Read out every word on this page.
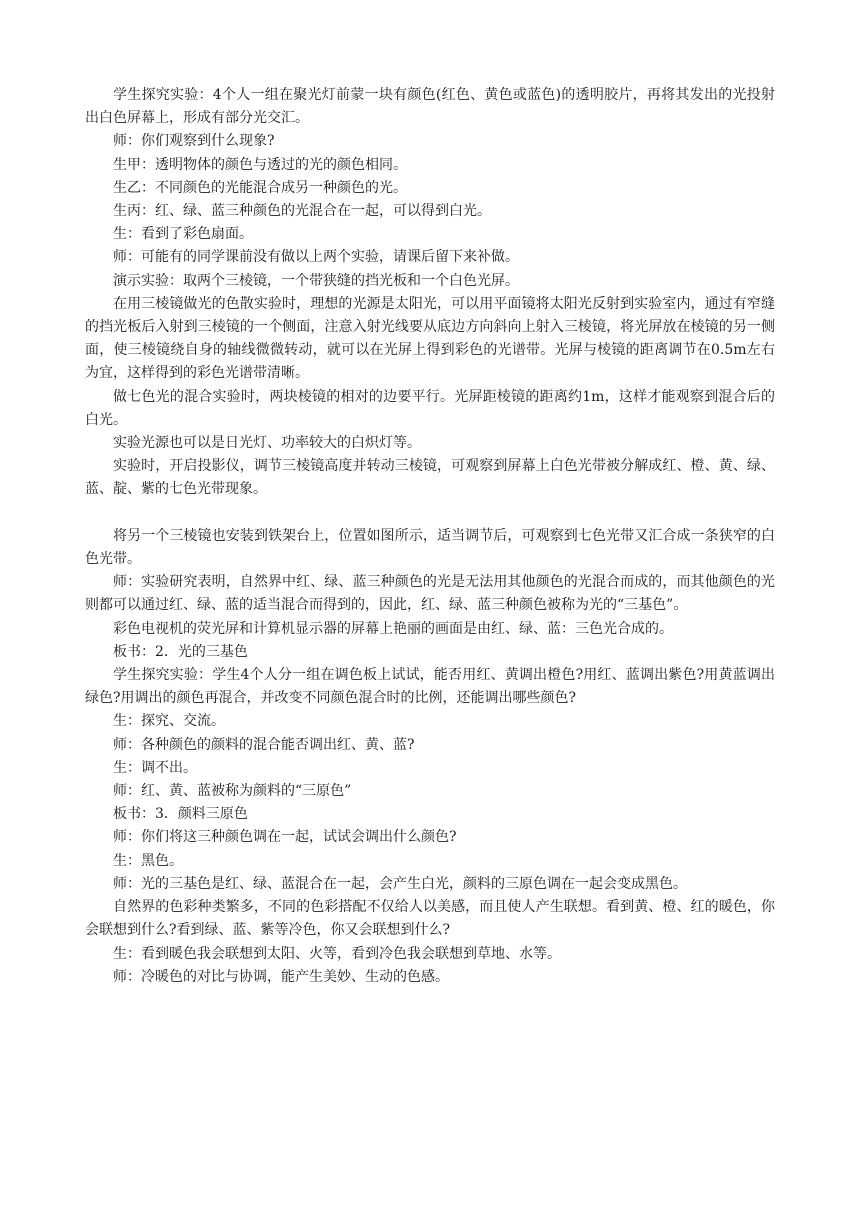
学生探究实验：4个人一组在聚光灯前蒙一块有颜色(红色、黄色或蓝色)的透明胶片，再将其发出的光投射出白色屏幕上，形成有部分光交汇。

师：你们观察到什么现象?

生甲：透明物体的颜色与透过的光的颜色相同。

生乙：不同颜色的光能混合成另一种颜色的光。

生丙：红、绿、蓝三种颜色的光混合在一起，可以得到白光。

生：看到了彩色扇面。

师：可能有的同学课前没有做以上两个实验，请课后留下来补做。

演示实验：取两个三棱镜，一个带狭缝的挡光板和一个白色光屏。

在用三棱镜做光的色散实验时，理想的光源是太阳光，可以用平面镜将太阳光反射到实验室内，通过有窄缝的挡光板后入射到三棱镜的一个侧面，注意入射光线要从底边方向斜向上射入三棱镜，将光屏放在棱镜的另一侧面，使三棱镜绕自身的轴线微微转动，就可以在光屏上得到彩色的光谱带。光屏与棱镜的距离调节在0.5m左右为宜，这样得到的彩色光谱带清晰。

做七色光的混合实验时，两块棱镜的相对的边要平行。光屏距棱镜的距离约1m，这样才能观察到混合后的白光。

实验光源也可以是日光灯、功率较大的白炽灯等。

实验时，开启投影仪，调节三棱镜高度并转动三棱镜，可观察到屏幕上白色光带被分解成红、橙、黄、绿、蓝、靛、紫的七色光带现象。

将另一个三棱镜也安装到铁架台上，位置如图所示，适当调节后，可观察到七色光带又汇合成一条狭窄的白色光带。

师：实验研究表明，自然界中红、绿、蓝三种颜色的光是无法用其他颜色的光混合而成的，而其他颜色的光则都可以通过红、绿、蓝的适当混合而得到的，因此，红、绿、蓝三种颜色被称为光的“三基色”。

彩色电视机的荧光屏和计算机显示器的屏幕上艳丽的画面是由红、绿、蓝：三色光合成的。

板书：2．光的三基色

学生探究实验：学生4个人分一组在调色板上试试，能否用红、黄调出橙色?用红、蓝调出紫色?用黄蓝调出绿色?用调出的颜色再混合，并改变不同颜色混合时的比例，还能调出哪些颜色?

生：探究、交流。

师：各种颜色的颜料的混合能否调出红、黄、蓝?

生：调不出。

师：红、黄、蓝被称为颜料的“三原色”

板书：3．颜料三原色

师：你们将这三种颜色调在一起，试试会调出什么颜色?

生：黑色。

师：光的三基色是红、绿、蓝混合在一起，会产生白光，颜料的三原色调在一起会变成黑色。

自然界的色彩种类繁多，不同的色彩搭配不仅给人以美感，而且使人产生联想。看到黄、橙、红的暖色，你会联想到什么?看到绿、蓝、紫等冷色，你又会联想到什么?

生：看到暖色我会联想到太阳、火等，看到冷色我会联想到草地、水等。

师：冷暖色的对比与协调，能产生美妙、生动的色感。
